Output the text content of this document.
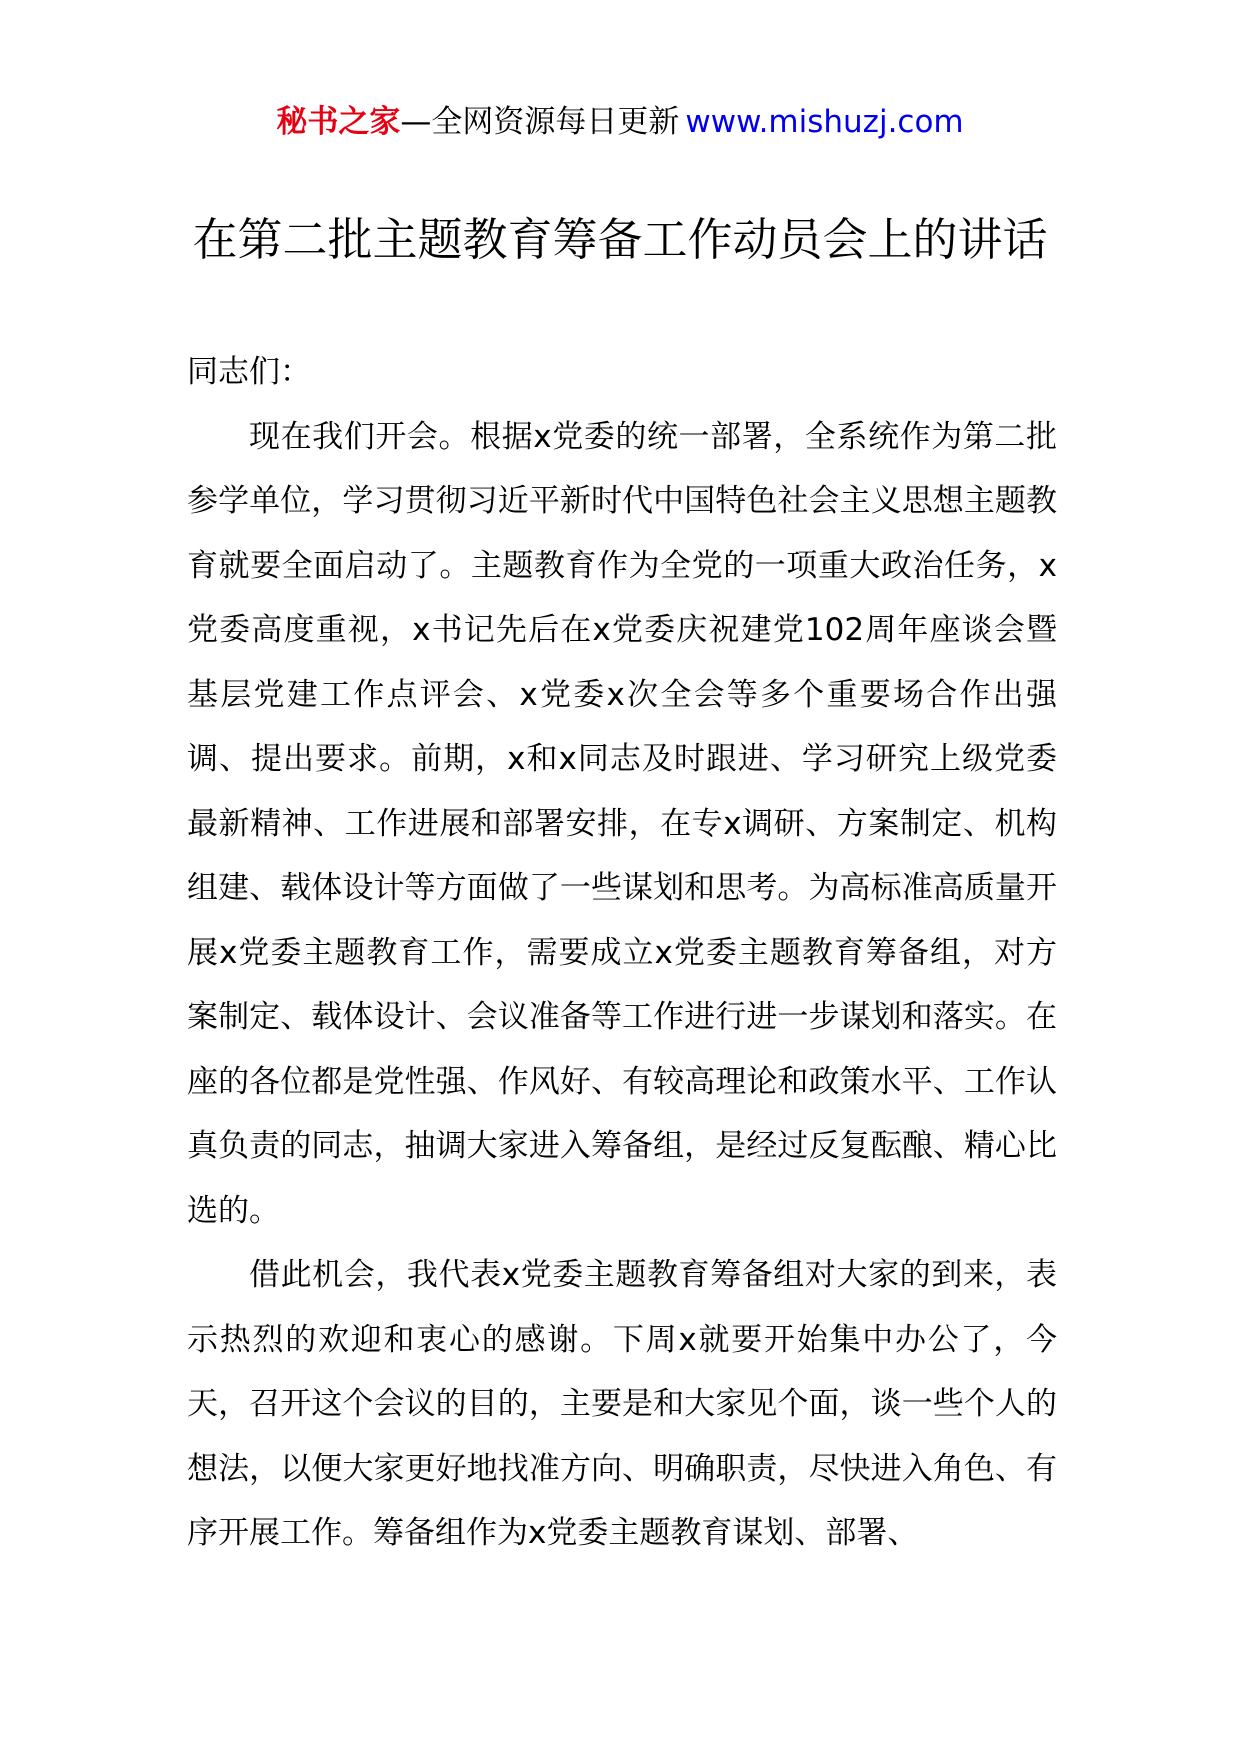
秘书之家—全网资源每日更新 www.mishuzj.com
在第二批主题教育筹备工作动员会上的讲话

同志们：

现在我们开会。根据x党委的统一部署，全系统作为第二批参学单位，学习贯彻习近平新时代中国特色社会主义思想主题教育就要全面启动了。主题教育作为全党的一项重大政治任务，x党委高度重视，x书记先后在x党委庆祝建党102周年座谈会暨基层党建工作点评会、x党委x次全会等多个重要场合作出强调、提出要求。前期，x和x同志及时跟进、学习研究上级党委最新精神、工作进展和部署安排，在专x调研、方案制定、机构组建、载体设计等方面做了一些谋划和思考。为高标准高质量开展x党委主题教育工作，需要成立x党委主题教育筹备组，对方案制定、载体设计、会议准备等工作进行进一步谋划和落实。在座的各位都是党性强、作风好、有较高理论和政策水平、工作认真负责的同志，抽调大家进入筹备组，是经过反复酝酿、精心比选的。

借此机会，我代表x党委主题教育筹备组对大家的到来，表示热烈的欢迎和衷心的感谢。下周x就要开始集中办公了，今天，召开这个会议的目的，主要是和大家见个面，谈一些个人的想法，以便大家更好地找准方向、明确职责，尽快进入角色、有序开展工作。筹备组作为x党委主题教育谋划、部署、
